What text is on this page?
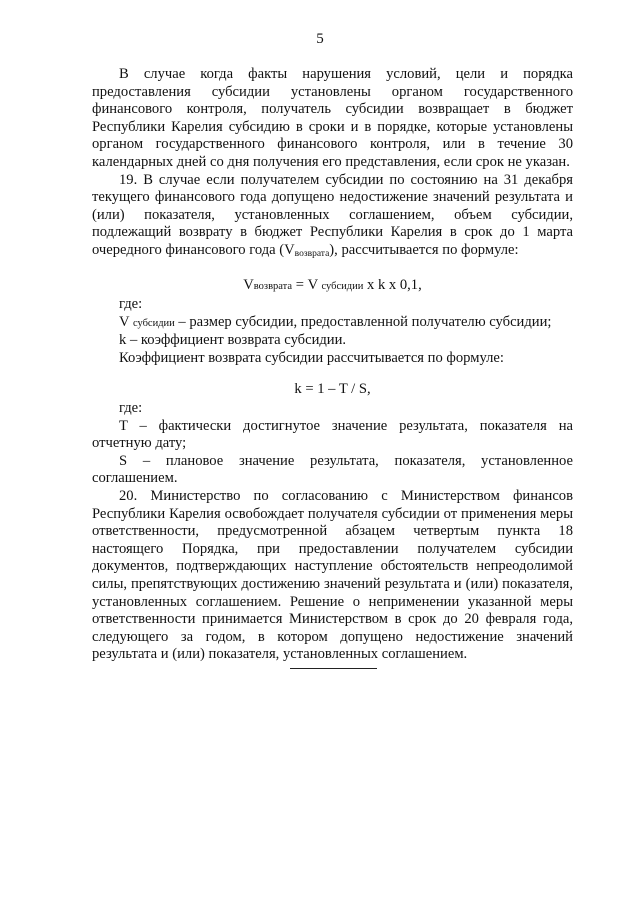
5

В случае когда факты нарушения условий, цели и порядка предоставления субсидии установлены органом государственного финансового контроля, получатель субсидии возвращает в бюджет Республики Карелия субсидию в сроки и в порядке, которые установлены органом государственного финансового контроля, или в течение 30 календарных дней со дня получения его представления, если срок не указан.

19. В случае если получателем субсидии по состоянию на 31 декабря текущего финансового года допущено недостижение значений результата и (или) показателя, установленных соглашением, объем субсидии, подлежащий возврату в бюджет Республики Карелия в срок до 1 марта очередного финансового года (Vвозврата), рассчитывается по формуле:

Vвозврата = V субсидии x k x 0,1,

где:

V субсидии – размер субсидии, предоставленной получателю субсидии;

k – коэффициент возврата субсидии.

Коэффициент возврата субсидии рассчитывается по формуле:

k = 1 – T / S,

где:

T – фактически достигнутое значение результата, показателя на отчетную дату;

S – плановое значение результата, показателя, установленное соглашением.

20. Министерство по согласованию с Министерством финансов Республики Карелия освобождает получателя субсидии от применения меры ответственности, предусмотренной абзацем четвертым пункта 18 настоящего Порядка, при предоставлении получателем субсидии документов, подтверждающих наступление обстоятельств непреодолимой силы, препятствующих достижению значений результата и (или) показателя, установленных соглашением. Решение о неприменении указанной меры ответственности принимается Министерством в срок до 20 февраля года, следующего за годом, в котором допущено недостижение значений результата и (или) показателя, установленных соглашением.
